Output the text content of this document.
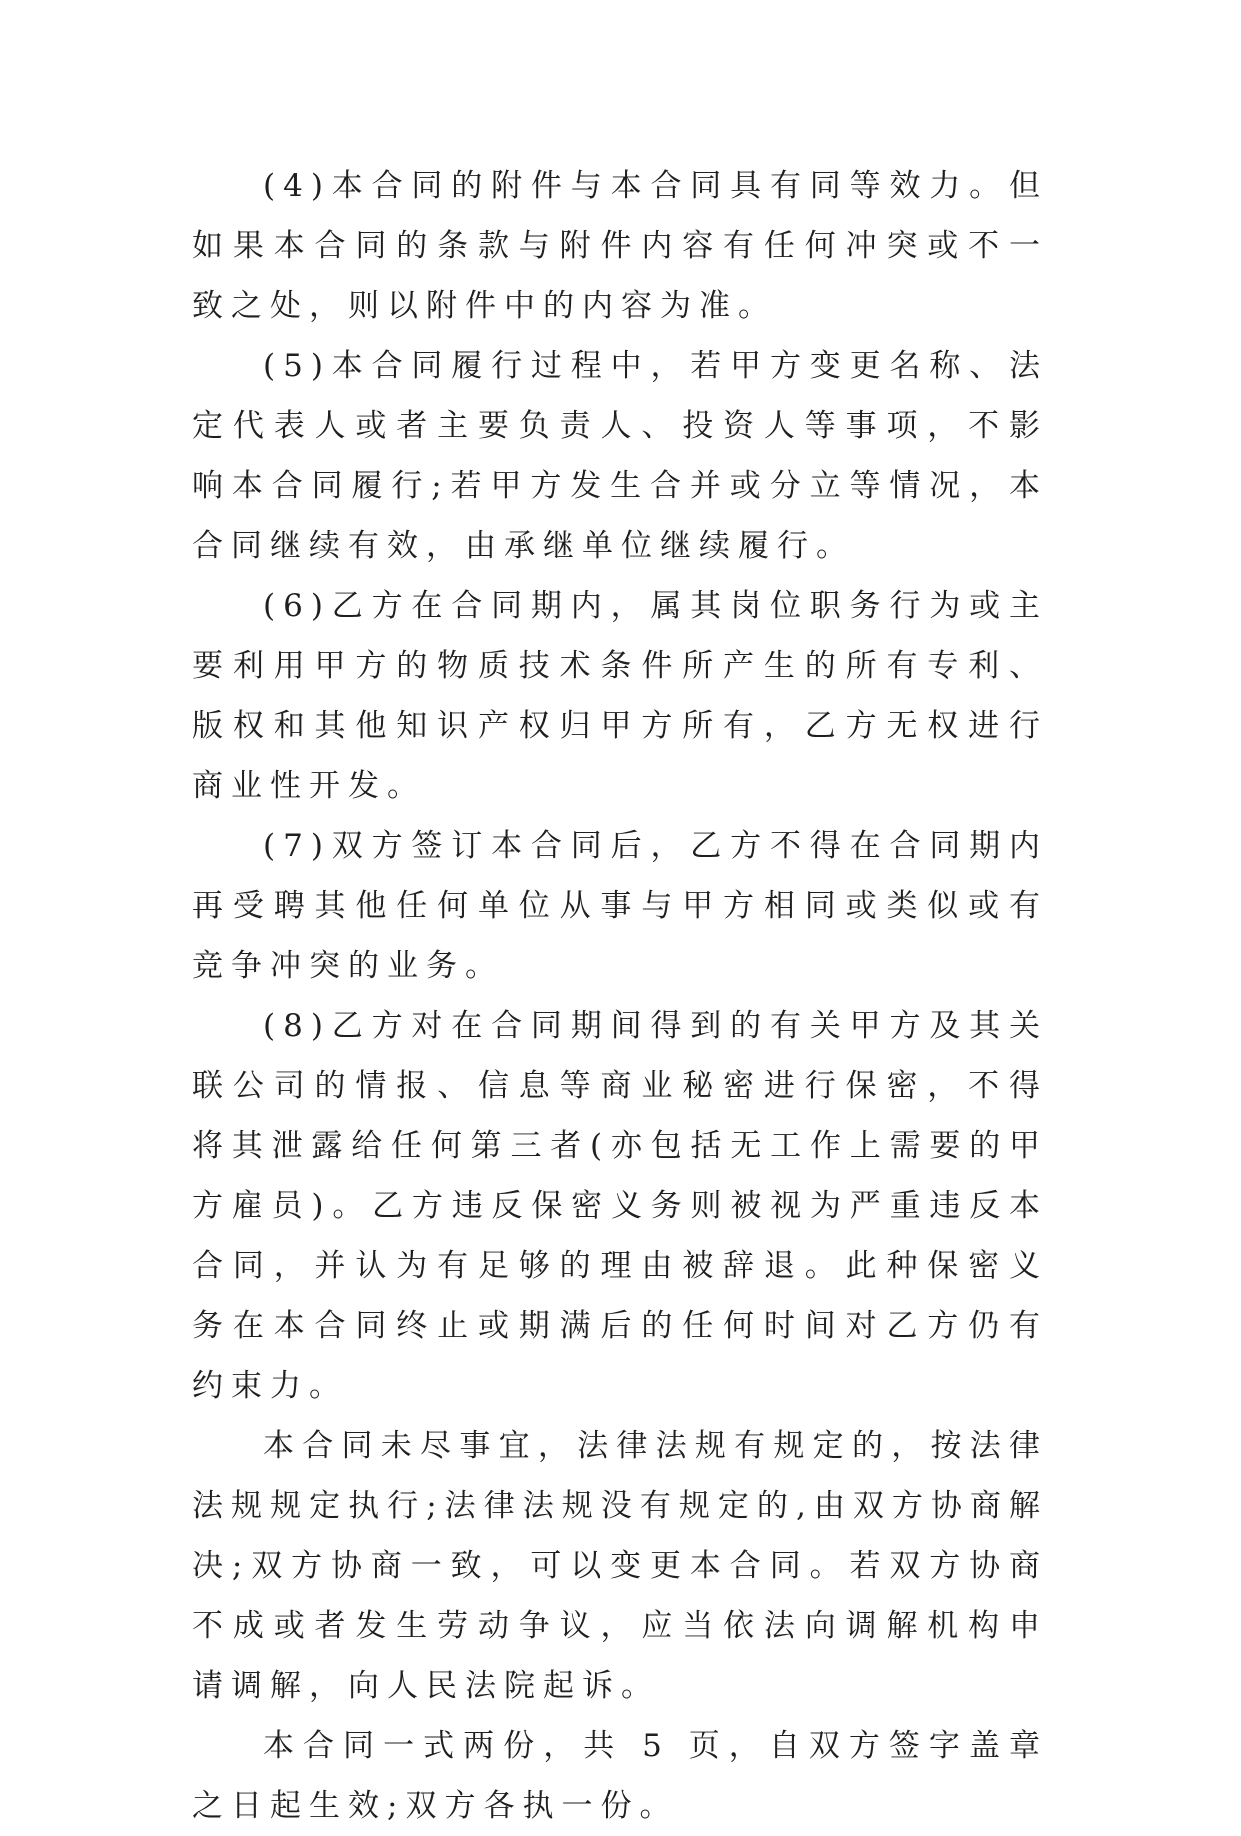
(4)本合同的附件与本合同具有同等效力。但如果本合同的条款与附件内容有任何冲突或不一致之处，则以附件中的内容为准。

(5)本合同履行过程中，若甲方变更名称、法定代表人或者主要负责人、投资人等事项，不影响本合同履行;若甲方发生合并或分立等情况，本合同继续有效，由承继单位继续履行。

(6)乙方在合同期内，属其岗位职务行为或主要利用甲方的物质技术条件所产生的所有专利、版权和其他知识产权归甲方所有，乙方无权进行商业性开发。

(7)双方签订本合同后，乙方不得在合同期内再受聘其他任何单位从事与甲方相同或类似或有竞争冲突的业务。

(8)乙方对在合同期间得到的有关甲方及其关联公司的情报、信息等商业秘密进行保密，不得将其泄露给任何第三者(亦包括无工作上需要的甲方雇员)。乙方违反保密义务则被视为严重违反本合同，并认为有足够的理由被辞退。此种保密义务在本合同终止或期满后的任何时间对乙方仍有约束力。

本合同未尽事宜，法律法规有规定的，按法律法规规定执行;法律法规没有规定的,由双方协商解决;双方协商一致，可以变更本合同。若双方协商不成或者发生劳动争议，应当依法向调解机构申请调解，向人民法院起诉。

本合同一式两份，共 5 页，自双方签字盖章之日起生效;双方各执一份。
